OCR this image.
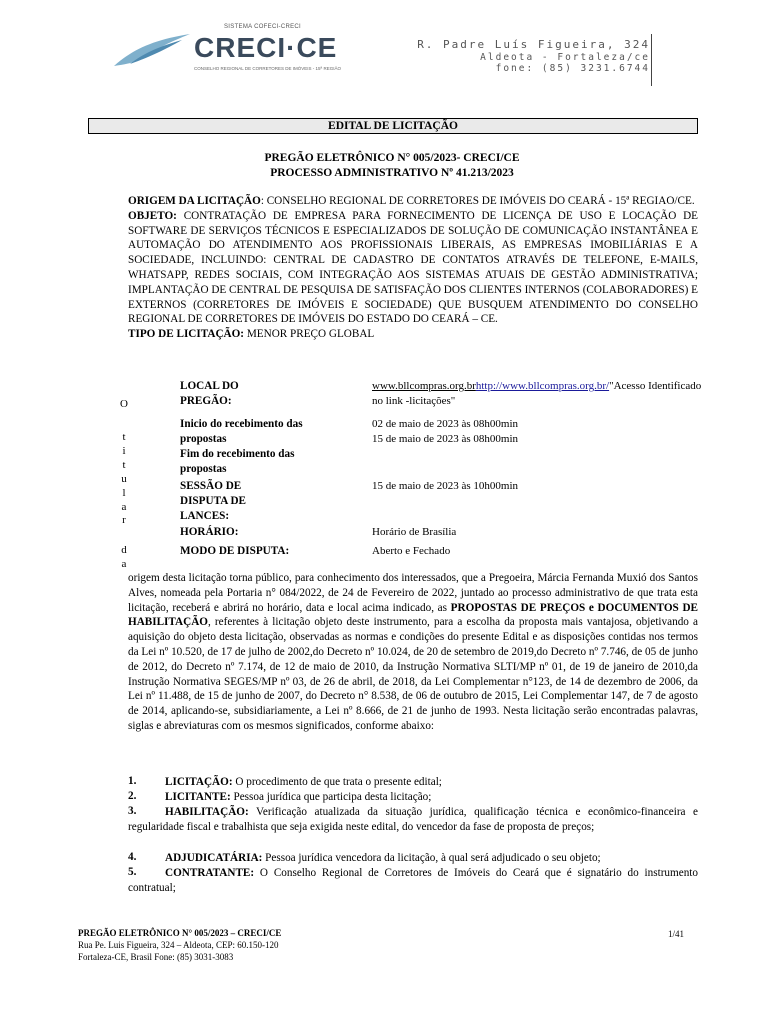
SISTEMA COFECI-CRECI
CRECI·CE
CONSELHO REGIONAL DE CORRETORES DE IMÓVEIS - 15ª REGIÃO
R. Padre Luís Figueira, 324
Aldeota - Fortaleza/ce
fone: (85) 3231.6744
EDITAL DE LICITAÇÃO
PREGÃO ELETRÔNICO N° 005/2023- CRECI/CE
PROCESSO ADMINISTRATIVO Nº 41.213/2023
ORIGEM DA LICITAÇÃO: CONSELHO REGIONAL DE CORRETORES DE IMÓVEIS DO CEARÁ - 15ª REGIAO/CE.
OBJETO: CONTRATAÇÃO DE EMPRESA PARA FORNECIMENTO DE LICENÇA DE USO E LOCAÇÃO DE SOFTWARE DE SERVIÇOS TÉCNICOS E ESPECIALIZADOS DE SOLUÇÃO DE COMUNICAÇÃO INSTANTÂNEA E AUTOMAÇÃO DO ATENDIMENTO AOS PROFISSIONAIS LIBERAIS, AS EMPRESAS IMOBILIÁRIAS E A SOCIEDADE, INCLUINDO: CENTRAL DE CADASTRO DE CONTATOS ATRAVÉS DE TELEFONE, E-MAILS, WHATSAPP, REDES SOCIAIS, COM INTEGRAÇÃO AOS SISTEMAS ATUAIS DE GESTÃO ADMINISTRATIVA; IMPLANTAÇÃO DE CENTRAL DE PESQUISA DE SATISFAÇÃO DOS CLIENTES INTERNOS (COLABORADORES) E EXTERNOS (CORRETORES DE IMÓVEIS E SOCIEDADE) QUE BUSQUEM ATENDIMENTO DO CONSELHO REGIONAL DE CORRETORES DE IMÓVEIS DO ESTADO DO CEARÁ – CE.
TIPO DE LICITAÇÃO: MENOR PREÇO GLOBAL
O
t
i
t
u
l
a
r
d
a
LOCAL DO PREGÃO:
www.bllcompras.org.brhttp://www.bllcompras.org.br/"Acesso Identificado no link -licitações"
Inicio do recebimento das propostas
02 de maio de 2023 às 08h00min
Fim do recebimento das propostas
15 de maio de 2023 às 08h00min
SESSÃO DE DISPUTA DE LANCES:
15 de maio de 2023 às 10h00min
HORÁRIO:	Horário de Brasília
MODO DE DISPUTA:	Aberto e Fechado
origem desta licitação torna público, para conhecimento dos interessados, que a Pregoeira, Márcia Fernanda Muxió dos Santos Alves, nomeada pela Portaria n° 084/2022, de 24 de Fevereiro de 2022, juntado ao processo administrativo de que trata esta licitação, receberá e abrirá no horário, data e local acima indicado, as PROPOSTAS DE PREÇOS e DOCUMENTOS DE HABILITAÇÃO, referentes à licitação objeto deste instrumento, para a escolha da proposta mais vantajosa, objetivando a aquisição do objeto desta licitação, observadas as normas e condições do presente Edital e as disposições contidas nos termos da Lei nº 10.520, de 17 de julho de 2002,do Decreto nº 10.024, de 20 de setembro de 2019,do Decreto nº 7.746, de 05 de junho de 2012, do Decreto nº 7.174, de 12 de maio de 2010, da Instrução Normativa SLTI/MP nº 01, de 19 de janeiro de 2010,da Instrução Normativa SEGES/MP nº 03, de 26 de abril, de 2018, da Lei Complementar n°123, de 14 de dezembro de 2006, da Lei nº 11.488, de 15 de junho de 2007, do Decreto n° 8.538, de 06 de outubro de 2015, Lei Complementar 147, de 7 de agosto de 2014, aplicando-se, subsidiariamente, a Lei nº 8.666, de 21 de junho de 1993. Nesta licitação serão encontradas palavras, siglas e abreviaturas com os mesmos significados, conforme abaixo:
1.	LICITAÇÃO: O procedimento de que trata o presente edital;
2.	LICITANTE: Pessoa jurídica que participa desta licitação;
3.	HABILITAÇÃO: Verificação atualizada da situação jurídica, qualificação técnica e econômico-financeira e regularidade fiscal e trabalhista que seja exigida neste edital, do vencedor da fase de proposta de preços;
4.	ADJUDICATÁRIA: Pessoa jurídica vencedora da licitação, à qual será adjudicado o seu objeto;
5.	CONTRATANTE: O Conselho Regional de Corretores de Imóveis do Ceará que é signatário do instrumento contratual;
PREGÃO ELETRÔNICO N° 005/2023 – CRECI/CE
Rua Pe. Luis Figueira, 324 – Aldeota, CEP: 60.150-120
Fortaleza-CE, Brasil Fone: (85) 3031-3083
1/41
